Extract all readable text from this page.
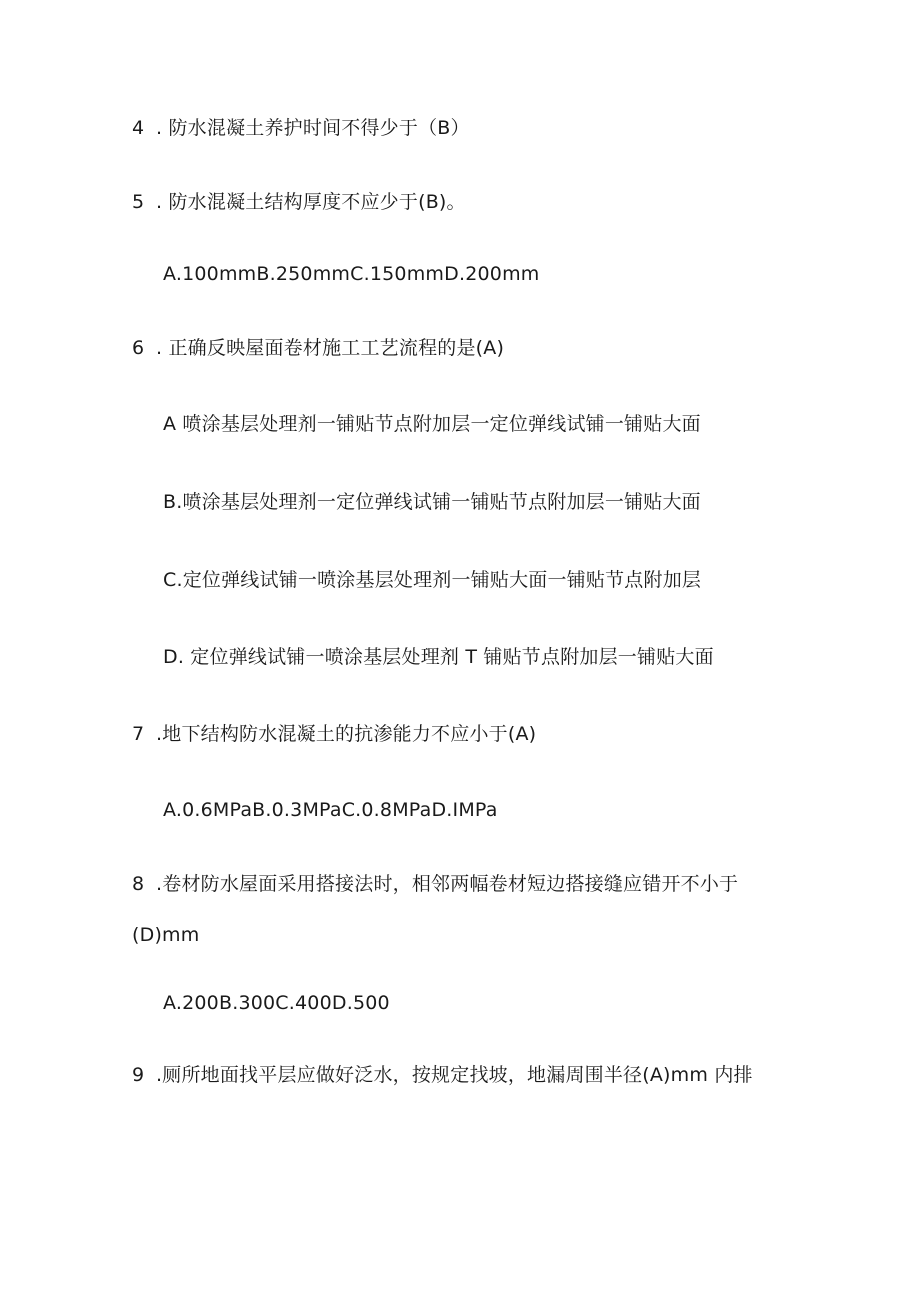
4 . 防水混凝土养护时间不得少于（B）
5 . 防水混凝土结构厚度不应少于(B)。
A.100mmB.250mmC.150mmD.200mm
6 . 正确反映屋面卷材施工工艺流程的是(A)
A 喷涂基层处理剂一铺贴节点附加层一定位弹线试铺一铺贴大面
B.喷涂基层处理剂一定位弹线试铺一铺贴节点附加层一铺贴大面
C.定位弹线试铺一喷涂基层处理剂一铺贴大面一铺贴节点附加层
D. 定位弹线试铺一喷涂基层处理剂 T 铺贴节点附加层一铺贴大面
7 .地下结构防水混凝土的抗渗能力不应小于(A)
A.0.6MPaB.0.3MPaC.0.8MPaD.IMPa
8 .卷材防水屋面采用搭接法时，相邻两幅卷材短边搭接缝应错开不小于
(D)mm
A.200B.300C.400D.500
9 .厕所地面找平层应做好泛水，按规定找坡，地漏周围半径(A)mm 内排
